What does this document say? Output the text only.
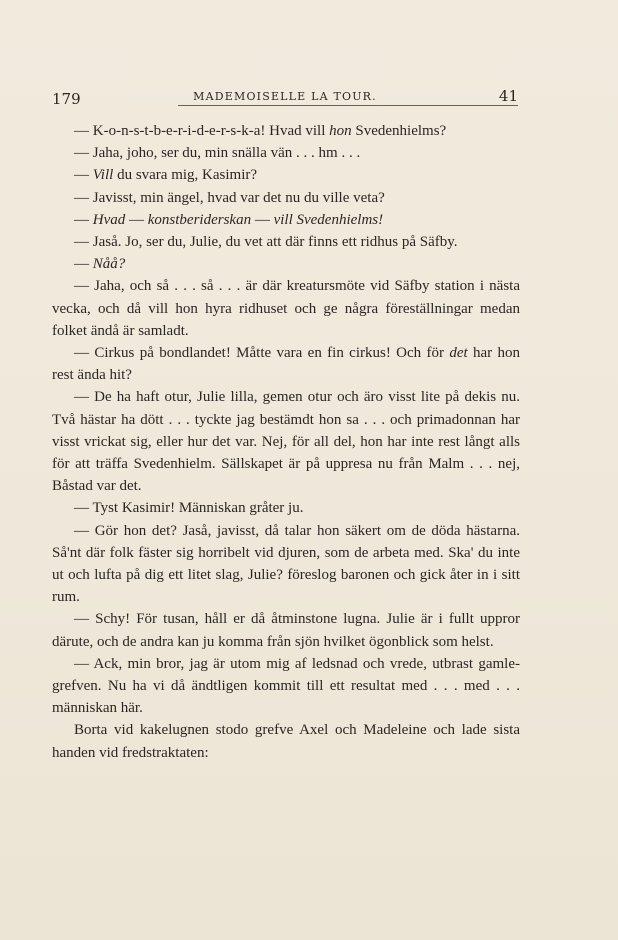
179	MADEMOISELLE LA TOUR.	41

— K-o-n-s-t-b-e-r-i-d-e-r-s-k-a! Hvad vill hon Svedenhielms?

— Jaha, joho, ser du, min snälla vän . . . hm . . .

— Vill du svara mig, Kasimir?

— Javisst, min ängel, hvad var det nu du ville veta?

— Hvad — konstberiderskan — vill Svedenhielms!

— Jaså. Jo, ser du, Julie, du vet att där finns ett ridhus på Säfby.

— Nåå?

— Jaha, och så . . . så . . . är där kreatursmöte vid Säfby station i nästa vecka, och då vill hon hyra ridhuset och ge några föreställningar medan folket ändå är samladt.

— Cirkus på bondlandet! Måtte vara en fin cirkus! Och för det har hon rest ända hit?

— De ha haft otur, Julie lilla, gemen otur och äro visst lite på dekis nu. Två hästar ha dött . . . tyckte jag bestämdt hon sa . . . och primadonnan har visst vrickat sig, eller hur det var. Nej, för all del, hon har inte rest långt alls för att träffa Svedenhielm. Sällskapet är på uppresa nu från Malm . . . nej, Båstad var det.

— Tyst Kasimir! Människan gråter ju.

— Gör hon det? Jaså, javisst, då talar hon säkert om de döda hästarna. Så'nt där folk fäster sig horribelt vid djuren, som de arbeta med. Ska' du inte ut och lufta på dig ett litet slag, Julie? föreslog baronen och gick åter in i sitt rum.

— Schy! För tusan, håll er då åtminstone lugna. Julie är i fullt uppror därute, och de andra kan ju komma från sjön hvilket ögonblick som helst.

— Ack, min bror, jag är utom mig af ledsnad och vrede, utbrast gamle-grefven. Nu ha vi då ändtligen kommit till ett resultat med . . . med . . . människan här.

Borta vid kakelugnen stodo grefve Axel och Madeleine och lade sista handen vid fredstraktaten:
